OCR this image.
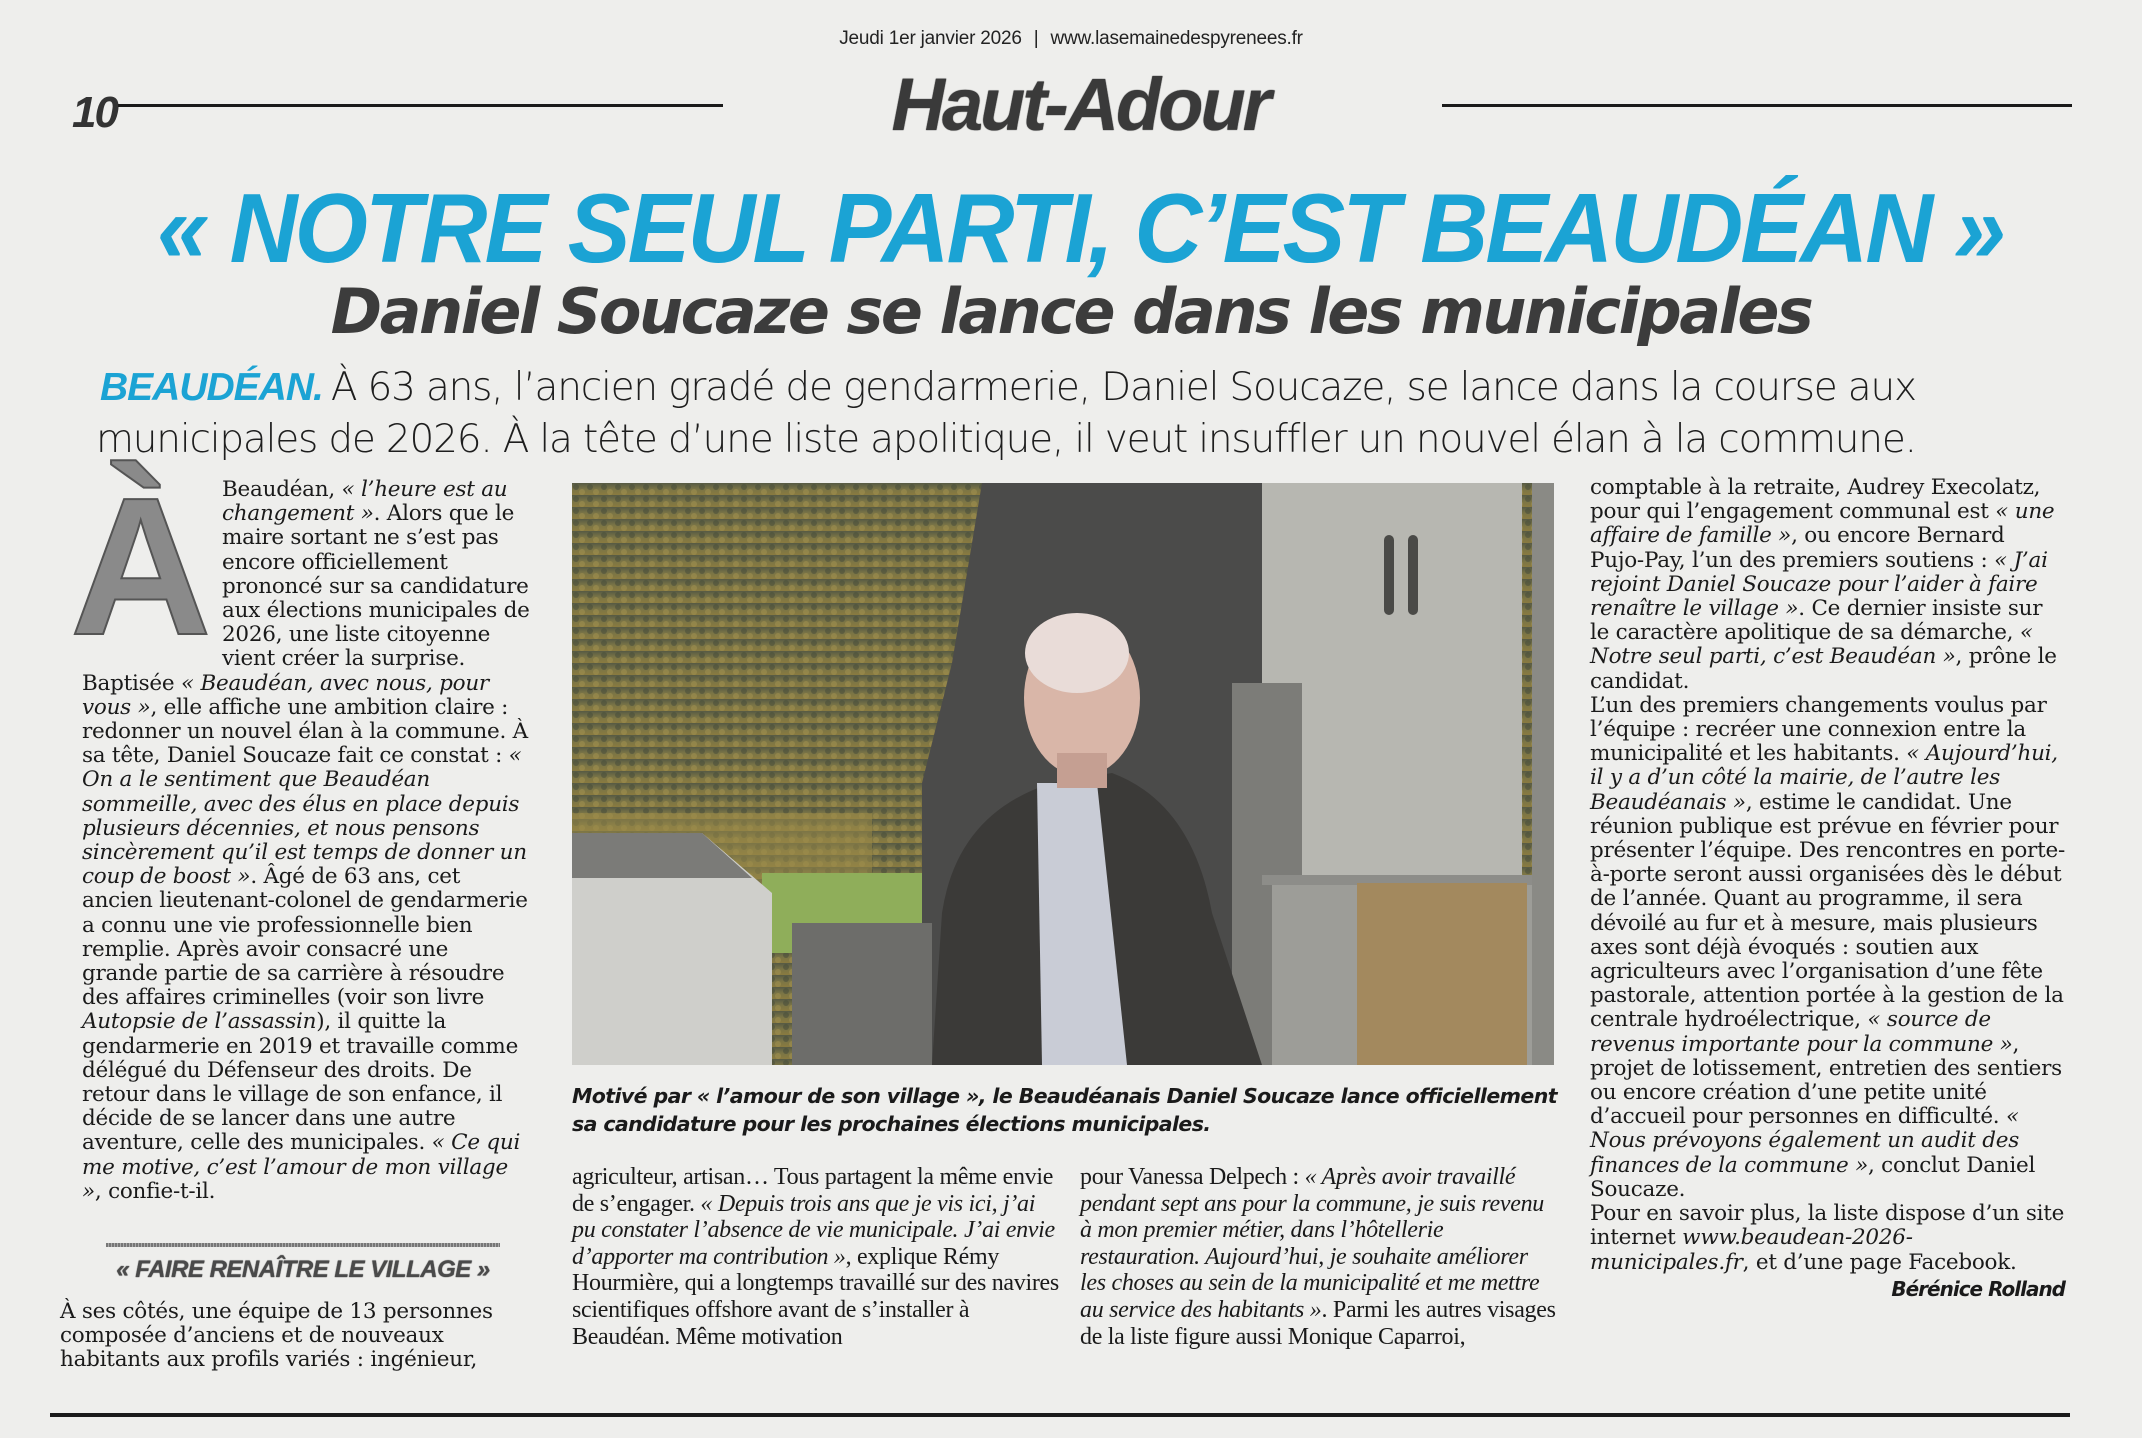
Jeudi 1er janvier 2026 | www.lasemainedespyrenees.fr
10	Haut-Adour
« NOTRE SEUL PARTI, C’EST BEAUDÉAN »
Daniel Soucaze se lance dans les municipales
BEAUDÉAN. À 63 ans, l’ancien gradé de gendarmerie, Daniel Soucaze, se lance dans la course aux
municipales de 2026. À la tête d’une liste apolitique, il veut insuffler un nouvel élan à la commune.

À Beaudéan, « l’heure est au changement ». Alors que le maire sortant ne s’est pas encore officiellement prononcé sur sa candidature aux élections municipales de 2026, une liste citoyenne vient créer la surprise. Baptisée « Beaudéan, avec nous, pour vous », elle affiche une ambition claire : redonner un nouvel élan à la commune. À sa tête, Daniel Soucaze fait ce constat : « On a le sentiment que Beaudéan sommeille, avec des élus en place depuis plusieurs décennies, et nous pensons sincèrement qu’il est temps de donner un coup de boost ». Âgé de 63 ans, cet ancien lieutenant-colonel de gendarmerie a connu une vie professionnelle bien remplie. Après avoir consacré une grande partie de sa carrière à résoudre des affaires criminelles (voir son livre Autopsie de l’assassin), il quitte la gendarmerie en 2019 et travaille comme délégué du Défenseur des droits. De retour dans le village de son enfance, il décide de se lancer dans une autre aventure, celle des municipales. « Ce qui me motive, c’est l’amour de mon village », confie-t-il.

« FAIRE RENAÎTRE LE VILLAGE »

À ses côtés, une équipe de 13 personnes composée d’anciens et de nouveaux habitants aux profils variés : ingénieur,

Motivé par « l’amour de son village », le Beaudéanais Daniel Soucaze lance officiellement sa candidature pour les prochaines élections municipales.

agriculteur, artisan… Tous partagent la même envie de s’engager. « Depuis trois ans que je vis ici, j’ai pu constater l’absence de vie municipale. J’ai envie d’apporter ma contribution », explique Rémy Hourmière, qui a longtemps travaillé sur des navires scientifiques offshore avant de s’installer à Beaudéan. Même motivation

pour Vanessa Delpech : « Après avoir travaillé pendant sept ans pour la commune, je suis revenu à mon premier métier, dans l’hôtellerie restauration. Aujourd’hui, je souhaite améliorer les choses au sein de la municipalité et me mettre au service des habitants ». Parmi les autres visages de la liste figure aussi Monique Caparroi,

comptable à la retraite, Audrey Execolatz, pour qui l’engagement communal est « une affaire de famille », ou encore Bernard Pujo-Pay, l’un des premiers soutiens : « J’ai rejoint Daniel Soucaze pour l’aider à faire renaître le village ». Ce dernier insiste sur le caractère apolitique de sa démarche, « Notre seul parti, c’est Beaudéan », prône le candidat.

L’un des premiers changements voulus par l’équipe : recréer une connexion entre la municipalité et les habitants. « Aujourd’hui, il y a d’un côté la mairie, de l’autre les Beaudéanais », estime le candidat. Une réunion publique est prévue en février pour présenter l’équipe. Des rencontres en porte-à-porte seront aussi organisées dès le début de l’année. Quant au programme, il sera dévoilé au fur et à mesure, mais plusieurs axes sont déjà évoqués : soutien aux agriculteurs avec l’organisation d’une fête pastorale, attention portée à la gestion de la centrale hydroélectrique, « source de revenus importante pour la commune », projet de lotissement, entretien des sentiers ou encore création d’une petite unité d’accueil pour personnes en difficulté. « Nous prévoyons également un audit des finances de la commune », conclut Daniel Soucaze.

Pour en savoir plus, la liste dispose d’un site internet www.beaudean-2026-municipales.fr, et d’une page Facebook.

Bérénice Rolland
